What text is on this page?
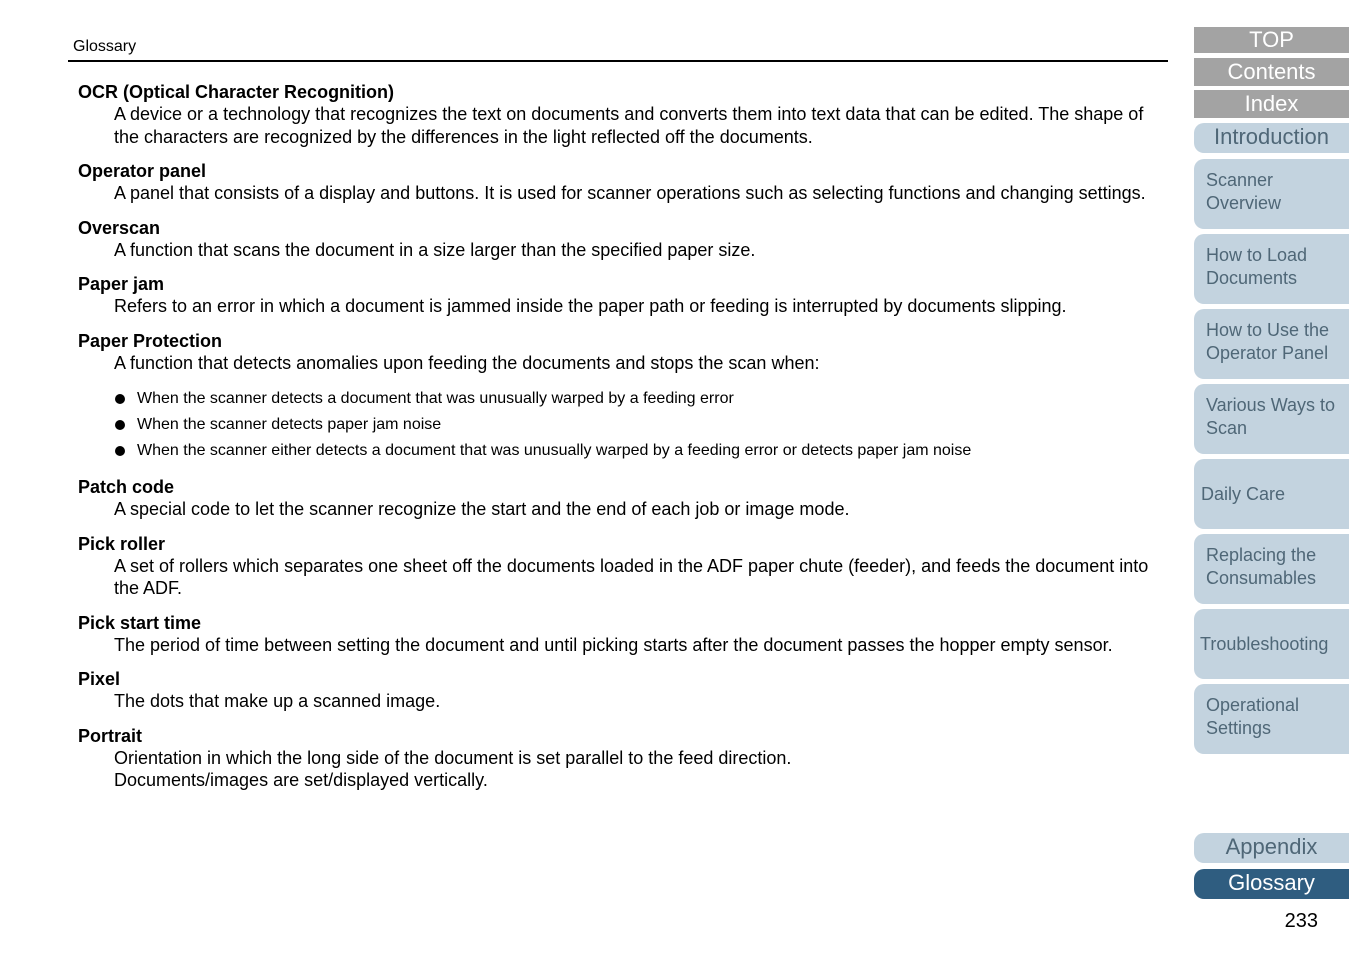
Glossary
OCR (Optical Character Recognition)
A device or a technology that recognizes the text on documents and converts them into text data that can be edited. The shape of the characters are recognized by the differences in the light reflected off the documents.
Operator panel
A panel that consists of a display and buttons. It is used for scanner operations such as selecting functions and changing settings.
Overscan
A function that scans the document in a size larger than the specified paper size.
Paper jam
Refers to an error in which a document is jammed inside the paper path or feeding is interrupted by documents slipping.
Paper Protection
A function that detects anomalies upon feeding the documents and stops the scan when:
When the scanner detects a document that was unusually warped by a feeding error
When the scanner detects paper jam noise
When the scanner either detects a document that was unusually warped by a feeding error or detects paper jam noise
Patch code
A special code to let the scanner recognize the start and the end of each job or image mode.
Pick roller
A set of rollers which separates one sheet off the documents loaded in the ADF paper chute (feeder), and feeds the document into the ADF.
Pick start time
The period of time between setting the document and until picking starts after the document passes the hopper empty sensor.
Pixel
The dots that make up a scanned image.
Portrait
Orientation in which the long side of the document is set parallel to the feed direction.
Documents/images are set/displayed vertically.
TOP
Contents
Index
Introduction
Scanner Overview
How to Load Documents
How to Use the Operator Panel
Various Ways to Scan
Daily Care
Replacing the Consumables
Troubleshooting
Operational Settings
Appendix
Glossary
233
